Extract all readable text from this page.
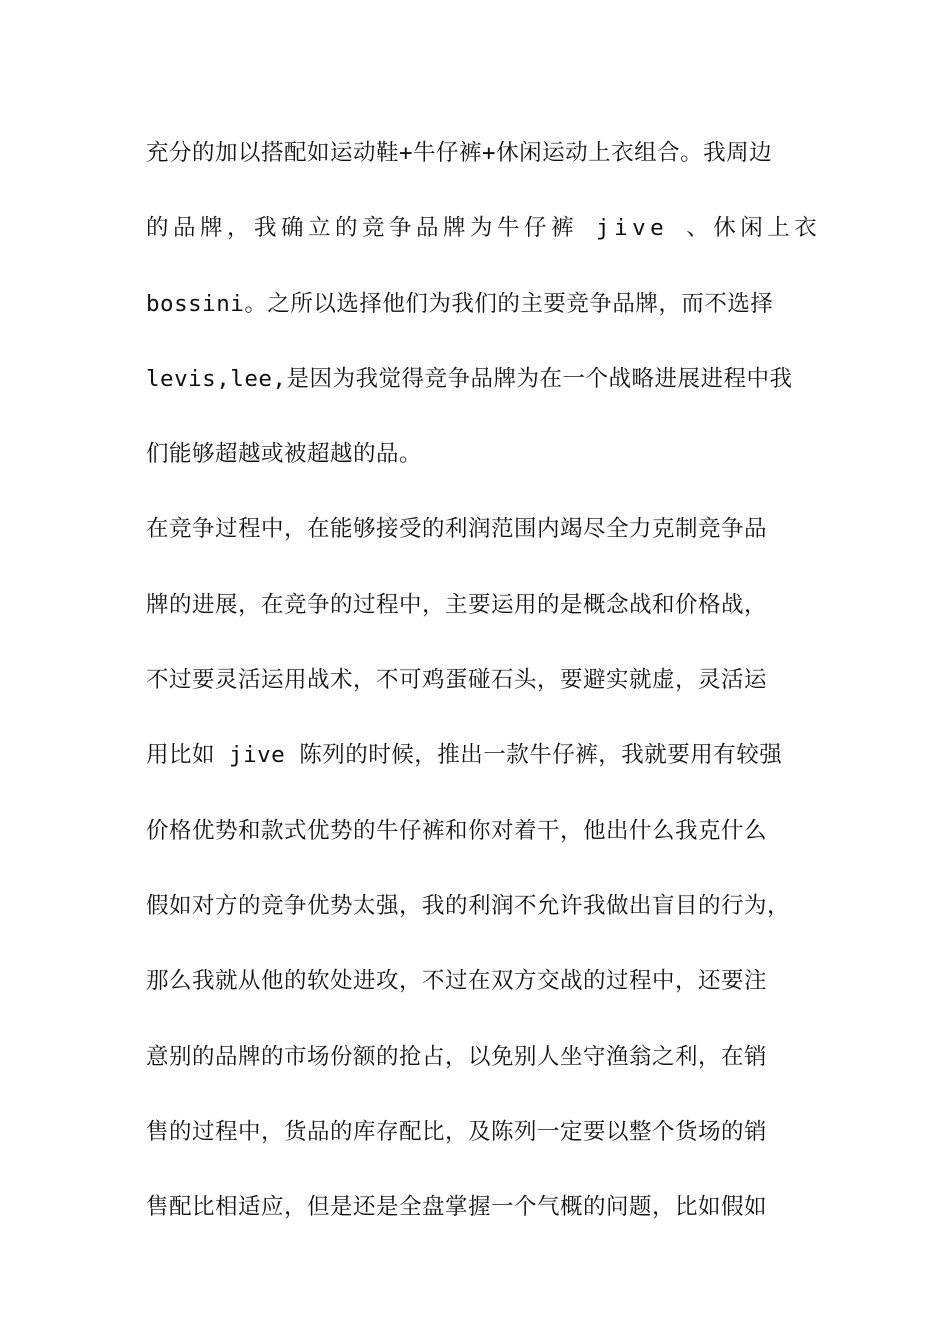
充分的加以搭配如运动鞋+牛仔裤+休闲运动上衣组合。我周边
的品牌，我确立的竞争品牌为牛仔裤 jive 、休闲上衣
bossini。之所以选择他们为我们的主要竞争品牌，而不选择
levis,lee,是因为我觉得竞争品牌为在一个战略进展进程中我
们能够超越或被超越的品。
在竞争过程中，在能够接受的利润范围内竭尽全力克制竞争品
牌的进展，在竞争的过程中，主要运用的是概念战和价格战，
不过要灵活运用战术，不可鸡蛋碰石头，要避实就虚，灵活运
用比如 jive 陈列的时候，推出一款牛仔裤，我就要用有较强
价格优势和款式优势的牛仔裤和你对着干，他出什么我克什么
假如对方的竞争优势太强，我的利润不允许我做出盲目的行为，
那么我就从他的软处进攻，不过在双方交战的过程中，还要注
意别的品牌的市场份额的抢占，以免别人坐守渔翁之利，在销
售的过程中，货品的库存配比，及陈列一定要以整个货场的销
售配比相适应，但是还是全盘掌握一个气概的问题，比如假如
